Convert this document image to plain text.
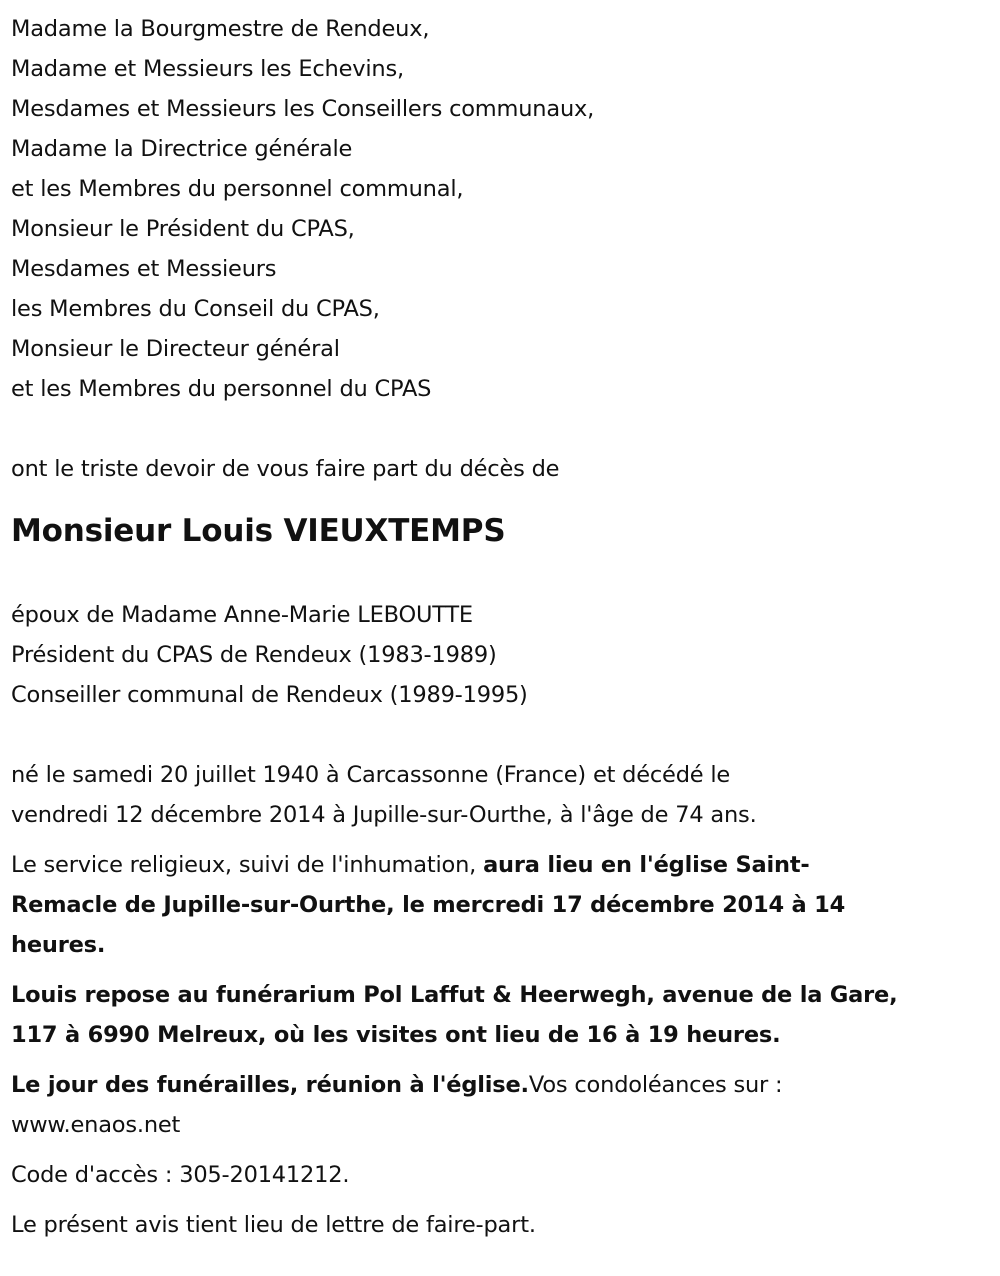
Madame la Bourgmestre de Rendeux,
Madame et Messieurs les Echevins,
Mesdames et Messieurs les Conseillers communaux,
Madame la Directrice générale
et les Membres du personnel communal,
Monsieur le Président du CPAS,
Mesdames et Messieurs
les Membres du Conseil du CPAS,
Monsieur le Directeur général
et les Membres du personnel du CPAS
ont le triste devoir de vous faire part du décès de
Monsieur Louis VIEUXTEMPS
époux de Madame Anne-Marie LEBOUTTE
Président du CPAS de Rendeux (1983-1989)
Conseiller communal de Rendeux (1989-1995)
né le samedi 20 juillet 1940 à Carcassonne (France) et décédé le
vendredi 12 décembre 2014 à Jupille-sur-Ourthe, à l'âge de 74 ans.
Le service religieux, suivi de l'inhumation, aura lieu en l'église Saint-
Remacle de Jupille-sur-Ourthe, le mercredi 17 décembre 2014 à 14
heures.
Louis repose au funérarium Pol Laffut & Heerwegh, avenue de la Gare,
117 à 6990 Melreux, où les visites ont lieu de 16 à 19 heures.
Le jour des funérailles, réunion à l'église.Vos condoléances sur :
www.enaos.net
Code d'accès : 305-20141212.
Le présent avis tient lieu de lettre de faire-part.
